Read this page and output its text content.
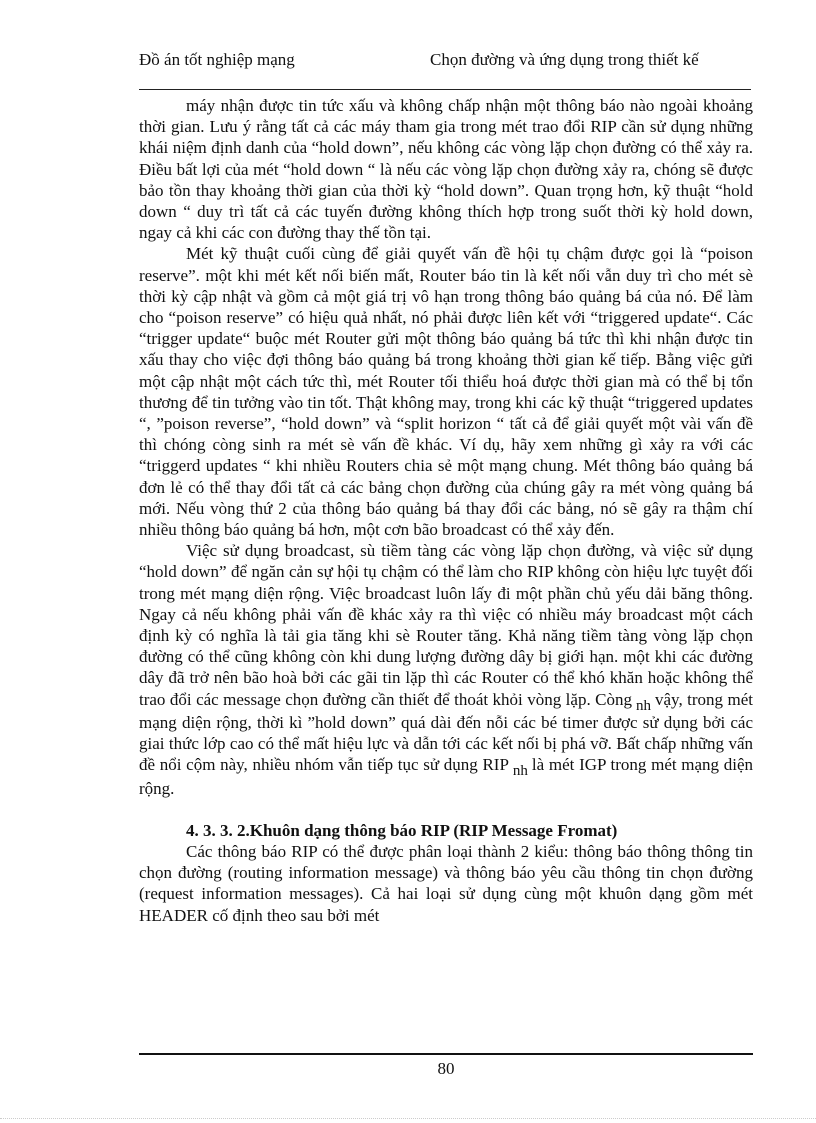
Đồ án tốt nghiệp mạng	Chọn đường và ứng dụng trong thiết kế

máy nhận được tin tức xấu và không chấp nhận một thông báo nào ngoài khoảng thời gian. Lưu ý rằng tất cả các máy tham gia trong mét trao đổi RIP cần sử dụng những khái niệm định danh của “hold down”, nếu không các vòng lặp chọn đường có thể xảy ra. Điều bất lợi của mét “hold down “ là nếu các vòng lặp chọn đường xảy ra, chóng sẽ được bảo tồn thay khoảng thời gian của thời kỳ “hold down”. Quan trọng hơn, kỹ thuật “hold down “ duy trì tất cả các tuyến đường không thích hợp trong suốt thời kỳ hold down, ngay cả khi các con đường thay thế tồn tại.

Mét kỹ thuật cuối cùng để giải quyết vấn đề hội tụ chậm được gọi là “poison reserve”. một khi mét kết nối biến mất, Router báo tin là kết nối vẫn duy trì cho mét sè thời kỳ cập nhật và gồm cả một giá trị vô hạn trong thông báo quảng bá của nó. Để làm cho “poison reserve” có hiệu quả nhất, nó phải được liên kết với “triggered update“. Các “trigger update“ buộc mét Router gửi một thông báo quảng bá tức thì khi nhận được tin xấu thay cho việc đợi thông báo quảng bá trong khoảng thời gian kế tiếp. Bằng việc gửi một cập nhật một cách tức thì, mét Router tối thiểu hoá được thời gian mà có thể bị tổn thương để tin tưởng vào tin tốt. Thật không may, trong khi các kỹ thuật “triggered updates “, ”poison reverse”, “hold down” và “split horizon “ tất cả để giải quyết một vài vấn đề thì chóng còng sinh ra mét sè vấn đề khác. Ví dụ, hãy xem những gì xảy ra với các “triggerd updates “ khi nhiều Routers chia sẻ một mạng chung. Mét thông báo quảng bá đơn lẻ có thể thay đổi tất cả các bảng chọn đường của chúng gây ra mét vòng quảng bá mới. Nếu vòng thứ 2 của thông báo quảng bá thay đổi các bảng, nó sẽ gây ra thậm chí nhiều thông báo quảng bá hơn, một cơn bão broadcast có thể xảy đến.

Việc sử dụng broadcast, sù tiềm tàng các vòng lặp chọn đường, và việc sử dụng “hold down” để ngăn cản sự hội tụ chậm có thể làm cho RIP không còn hiệu lực tuyệt đối trong mét mạng diện rộng. Việc broadcast luôn lấy đi một phần chủ yếu dải băng thông. Ngay cả nếu không phải vấn đề khác xảy ra thì việc có nhiều máy broadcast một cách định kỳ có nghĩa là tải gia tăng khi sè Router tăng. Khả năng tiềm tàng vòng lặp chọn đường có thể cũng không còn khi dung lượng đường dây bị giới hạn. một khi các đường dây đã trở nên bão hoà bởi các gãi tin lặp thì các Router có thể khó khăn hoặc không thể trao đổi các message chọn đường cần thiết để thoát khỏi vòng lặp. Còng nh vậy, trong mét mạng diện rộng, thời kì ”hold down” quá dài đến nỗi các bé timer được sử dụng bởi các giai thức lớp cao có thể mất hiệu lực và dẫn tới các kết nối bị phá vỡ. Bất chấp những vấn đề nổi cộm này, nhiều nhóm vẫn tiếp tục sử dụng RIP nh là mét IGP trong mét mạng diện rộng.

4. 3. 3. 2.Khuôn dạng thông báo RIP (RIP Message Fromat)

Các thông báo RIP có thể được phân loại thành 2 kiểu: thông báo thông thông tin chọn đường (routing information message) và thông báo yêu cầu thông tin chọn đường (request information messages). Cả hai loại sử dụng cùng một khuôn dạng gồm mét HEADER cố định theo sau bởi mét

80
